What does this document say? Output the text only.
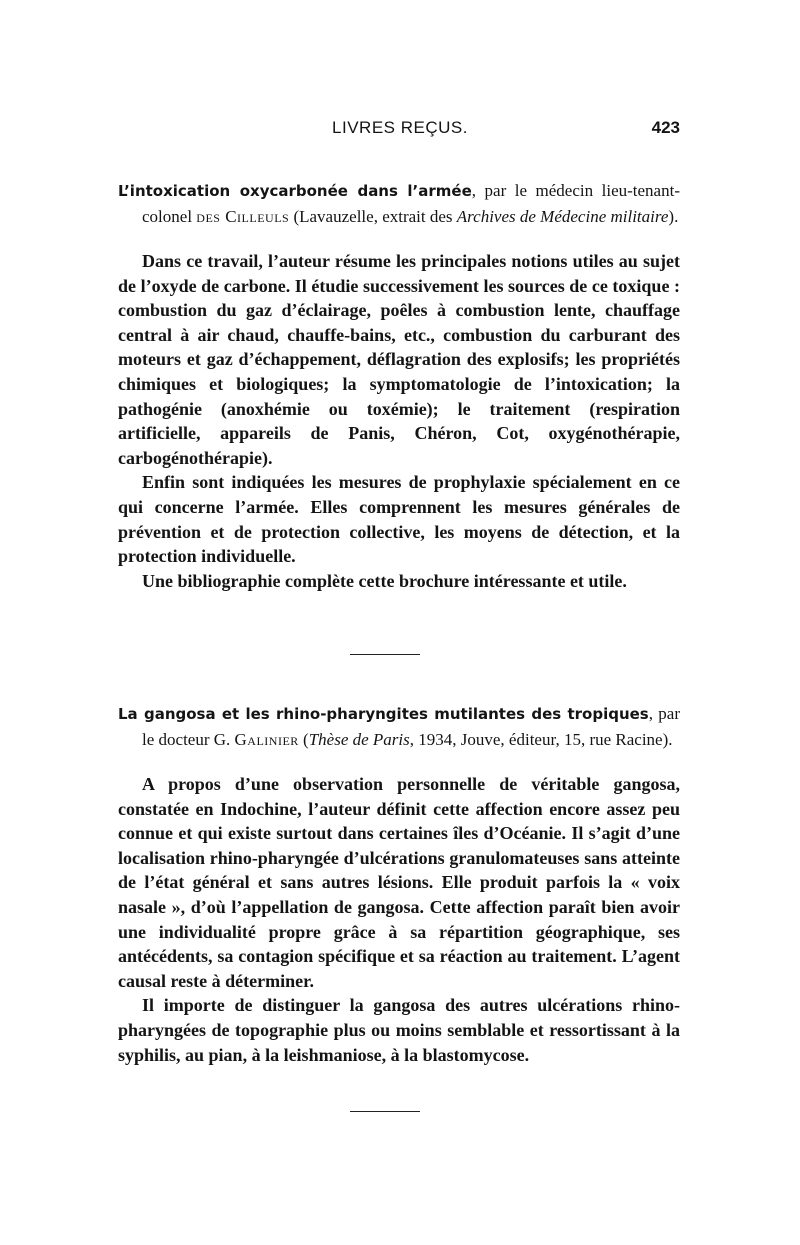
LIVRES REÇUS.	423

L’intoxication oxycarbonée dans l’armée, par le médecin lieu-tenant-colonel des Cilleuls (Lavauzelle, extrait des Archives de Médecine militaire).

Dans ce travail, l’auteur résume les principales notions utiles au sujet de l’oxyde de carbone. Il étudie successivement les sources de ce toxique : combustion du gaz d’éclairage, poêles à combustion lente, chauffage central à air chaud, chauffe-bains, etc., combustion du carburant des moteurs et gaz d’échappement, déflagration des explosifs; les propriétés chimiques et biologiques; la symptomatologie de l’intoxication; la pathogénie (anoxhémie ou toxémie); le traitement (respiration artificielle, appareils de Panis, Chéron, Cot, oxygénothérapie, carbogénothérapie).

Enfin sont indiquées les mesures de prophylaxie spécialement en ce qui concerne l’armée. Elles comprennent les mesures générales de prévention et de protection collective, les moyens de détection, et la protection individuelle.

Une bibliographie complète cette brochure intéressante et utile.

La gangosa et les rhino-pharyngites mutilantes des tropiques, par le docteur G. Galinier (Thèse de Paris, 1934, Jouve, éditeur, 15, rue Racine).

A propos d’une observation personnelle de véritable gangosa, constatée en Indochine, l’auteur définit cette affection encore assez peu connue et qui existe surtout dans certaines îles d’Océanie. Il s’agit d’une localisation rhino-pharyngée d’ulcérations granulomateuses sans atteinte de l’état général et sans autres lésions. Elle produit parfois la « voix nasale », d’où l’appellation de gangosa. Cette affection paraît bien avoir une individualité propre grâce à sa répartition géographique, ses antécédents, sa contagion spécifique et sa réaction au traitement. L’agent causal reste à déterminer.

Il importe de distinguer la gangosa des autres ulcérations rhino-pharyngées de topographie plus ou moins semblable et ressortissant à la syphilis, au pian, à la leishmaniose, à la blastomycose.
